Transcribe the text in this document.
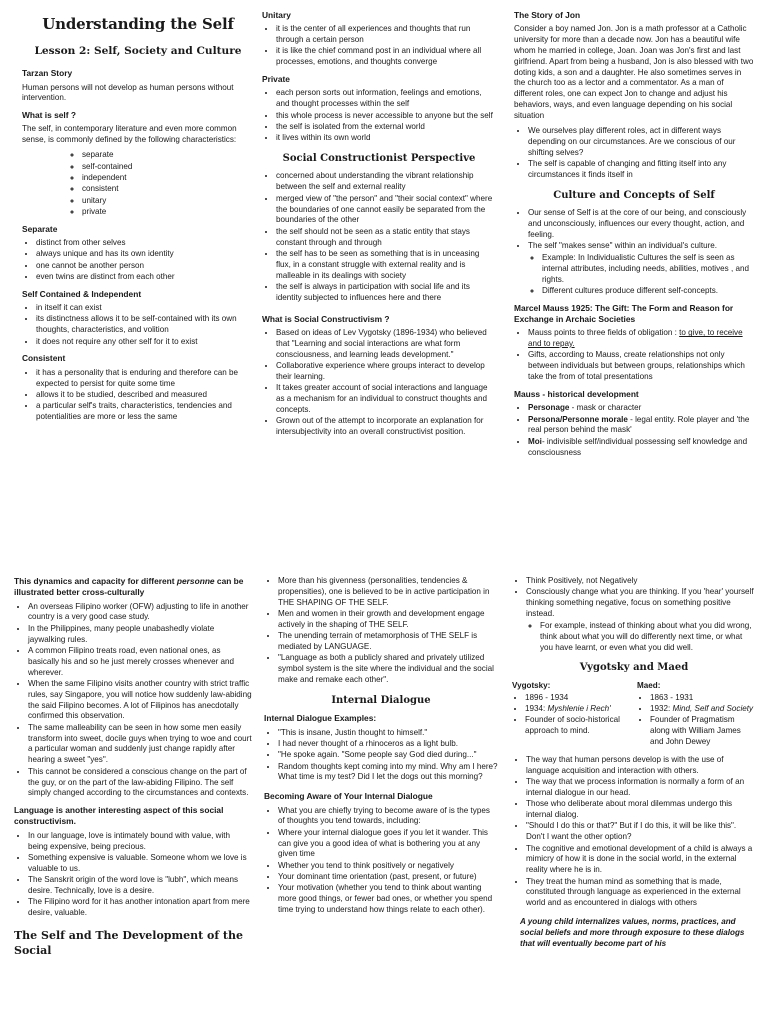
Understanding the Self
Lesson 2: Self, Society and Culture
Tarzan Story

Human persons will not develop as human persons without intervention.

What is self ?

The self, in contemporary literature and even more common sense, is commonly defined by the following characteristics:

◦ separate
◦ self-contained
◦ independent
◦ consistent
◦ unitary
◦ private
Separate
• distinct from other selves
• always unique and has its own identity
• one cannot be another person
• even twins are distinct from each other
Self Contained & Independent
• in itself it can exist
• its distinctness allows it to be self-contained with its own thoughts, characteristics, and volition
• it does not require any other self for it to exist
Consistent
• it has a personality that is enduring and therefore can be expected to persist for quite some time
• allows it to be studied, described and measured
• a particular self's traits, characteristics, tendencies and potentialities are more or less the same
Unitary
• it is the center of all experiences and thoughts that run through a certain person
• it is like the chief command post in an individual where all processes, emotions, and thoughts converge
Private
• each person sorts out information, feelings and emotions, and thought processes within the self
• this whole process is never accessible to anyone but the self
• the self is isolated from the external world
• it lives within its own world
Social Constructionist Perspective
• concerned about understanding the vibrant relationship between the self and external reality
• merged view of "the person" and "their social context" where the boundaries of one cannot easily be separated from the boundaries of the other
• the self should not be seen as a static entity that stays constant through and through
• the self has to be seen as something that is in unceasing flux, in a constant struggle with external reality and is malleable in its dealings with society
• the self is always in participation with social life and its identity subjected to influences here and there
What is Social Constructivism ?
• Based on ideas of Lev Vygotsky (1896-1934) who believed that "Learning and social interactions are what form consciousness, and learning leads development."
• Collaborative experience where groups interact to develop their learning.
• It takes greater account of social interactions and language as a mechanism for an individual to construct thoughts and concepts.
• Grown out of the attempt to incorporate an explanation for intersubjectivity into an overall constructivist position.
The Story of Jon

Consider a boy named Jon. Jon is a math professor at a Catholic university for more than a decade now. Jon has a beautiful wife whom he married in college, Joan. Joan was Jon's first and last girlfriend. Apart from being a husband, Jon is also blessed with two doting kids, a son and a daughter. He also sometimes serves in the church too as a lector and a commentator. As a man of different roles, one can expect Jon to change and adjust his behaviors, ways, and even language depending on his social situation

• We ourselves play different roles, act in different ways depending on our circumstances. Are we conscious of our shifting selves?
• The self is capable of changing and fitting itself into any circumstances it finds itself in
Culture and Concepts of Self
• Our sense of Self is at the core of our being, and consciously and unconsciously, influences our every thought, action, and feeling.
• The self "makes sense" within an individual's culture.
◦ Example: In Individualistic Cultures the self is seen as internal attributes, including needs, abilities, motives , and rights.
◦ Different cultures produce different self-concepts.
Marcel Mauss 1925: The Gift: The Form and Reason for Exchange in Archaic Societies
• Mauss points to three fields of obligation : to give, to receive and to repay.
• Gifts, according to Mauss, create relationships not only between individuals but between groups, relationships which take the from of total presentations
Mauss - historical development
• Personage - mask or character
• Persona/Personne morale - legal entity. Role player and 'the real person behind the mask'
• Moi- indivisible self/individual possessing self knowledge and consciousness
This dynamics and capacity for different personne can be illustrated better cross-culturally
• An overseas Filipino worker (OFW) adjusting to life in another country is a very good case study.
• In the Philippines, many people unabashedly violate jaywalking rules.
• A common Filipino treats road, even national ones, as basically his and so he just merely crosses whenever and wherever.
• When the same Filipino visits another country with strict traffic rules, say Singapore, you will notice how suddenly law-abiding the said Filipino becomes. A lot of Filipinos has anecdotally confirmed this observation.
• The same malleability can be seen in how some men easily transform into sweet, docile guys when trying to woe and court a particular woman and suddenly just change rapidly after hearing a sweet "yes".
• This cannot be considered a conscious change on the part of the guy, or on the part of the law-abiding Filipino. The self simply changed according to the circumstances and contexts.
Language is another interesting aspect of this social constructivism.
• In our language, love is intimately bound with value, with being expensive, being precious.
• Something expensive is valuable. Someone whom we love is valuable to us.
• The Sanskrit origin of the word love is "lubh", which means desire. Technically, love is a desire.
• The Filipino word for it has another intonation apart from mere desire, valuable.
The Self and The Development of the Social
• More than his givenness (personalities, tendencies & propensities), one is believed to be in active participation in THE SHAPING OF THE SELF.
• Men and women in their growth and development engage actively in the shaping of THE SELF.
• The unending terrain of metamorphosis of THE SELF is mediated by LANGUAGE.
• "Language as both a publicly shared and privately utilized symbol system is the site where the individual and the social make and remake each other".
Internal Dialogue
Internal Dialogue Examples:
• "This is insane, Justin thought to himself."
• I had never thought of a rhinoceros as a light bulb.
• "He spoke again. "Some people say God died during..."
• Random thoughts kept coming into my mind. Why am I here? What time is my test? Did I let the dogs out this morning?
Becoming Aware of Your Internal Dialogue
• What you are chiefly trying to become aware of is the types of thoughts you tend towards, including:
• Where your internal dialogue goes if you let it wander. This can give you a good idea of what is bothering you at any given time
• Whether you tend to think positively or negatively
• Your dominant time orientation (past, present, or future)
• Your motivation (whether you tend to think about wanting more good things, or fewer bad ones, or whether you spend time trying to understand how things relate to each other).
• Think Positively, not Negatively
• Consciously change what you are thinking. If you 'hear' yourself thinking something negative, focus on something positive instead.
◦ For example, instead of thinking about what you did wrong, think about what you will do differently next time, or what you have learnt, or even what you did well.
Vygotsky and Maed
Vygotsky:
• 1896 - 1934
• 1934: Myshlenie i Rech'
• Founder of socio-historical approach to mind.
Maed:
• 1863 - 1931
• 1932: Mind, Self and Society
• Founder of Pragmatism along with William James and John Dewey
• The way that human persons develop is with the use of language acquisition and interaction with others.
• The way that we process information is normally a form of an internal dialogue in our head.
• Those who deliberate about moral dilemmas undergo this internal dialog.
• "Should I do this or that?" But if I do this, it will be like this". Don't I want the other option?
• The cognitive and emotional development of a child is always a mimicry of how it is done in the social world, in the external reality where he is in.
• They treat the human mind as something that is made, constituted through language as experienced in the external world and as encountered in dialogs with others

A young child internalizes values, norms, practices, and social beliefs and more through exposure to these dialogs that will eventually become part of his
